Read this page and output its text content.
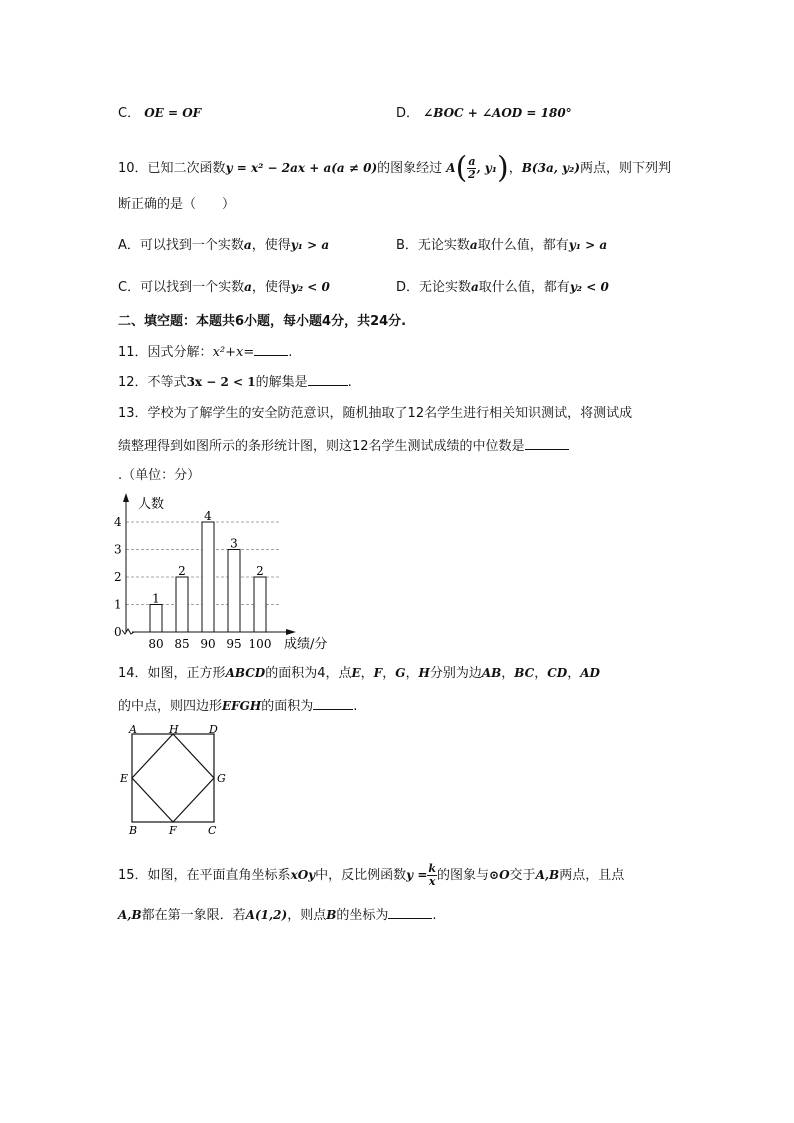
C． OE = OF	D． ∠BOC + ∠AOD = 180°
10．已知二次函数y = x² − 2ax + a(a ≠ 0)的图象经过 $A( \frac{a}{2}$ , y₁)，B(3a, y₂)两点，则下列判
断正确的是（　　）
A．可以找到一个实数a，使得y₁ > a	B．无论实数a取什么值，都有y₁ > a
C．可以找到一个实数a，使得y₂ < 0	D．无论实数a取什么值，都有y₂ < 0
二、填空题：本题共6小题，每小题4分，共24分.
11．因式分解：x²+x=	.
12．不等式3x − 2 < 1的解集是	.
13．学校为了解学生的安全防范意识，随机抽取了12名学生进行相关知识测试，将测试成
绩整理得到如图所示的条形统计图，则这12名学生测试成绩的中位数是
.（单位：分）
1
2
3
4
0
人数
1
80
2
85
4
90
3
95
2
100 成绩/分
14．如图，正方形ABCD的面积为4，点E，F，G，H分别为边AB，BC，CD，AD
的中点，则四边形EFGH的面积为	.
A	H	D
E	G
B	F	C
15．如图，在平面直角坐标系xOy中，反比例函数$y = \frac{k}{x}$ 的图象与⊙O交于A,B两点，且点
A,B都在第一象限．若A(1,2)，则点B的坐标为	.
